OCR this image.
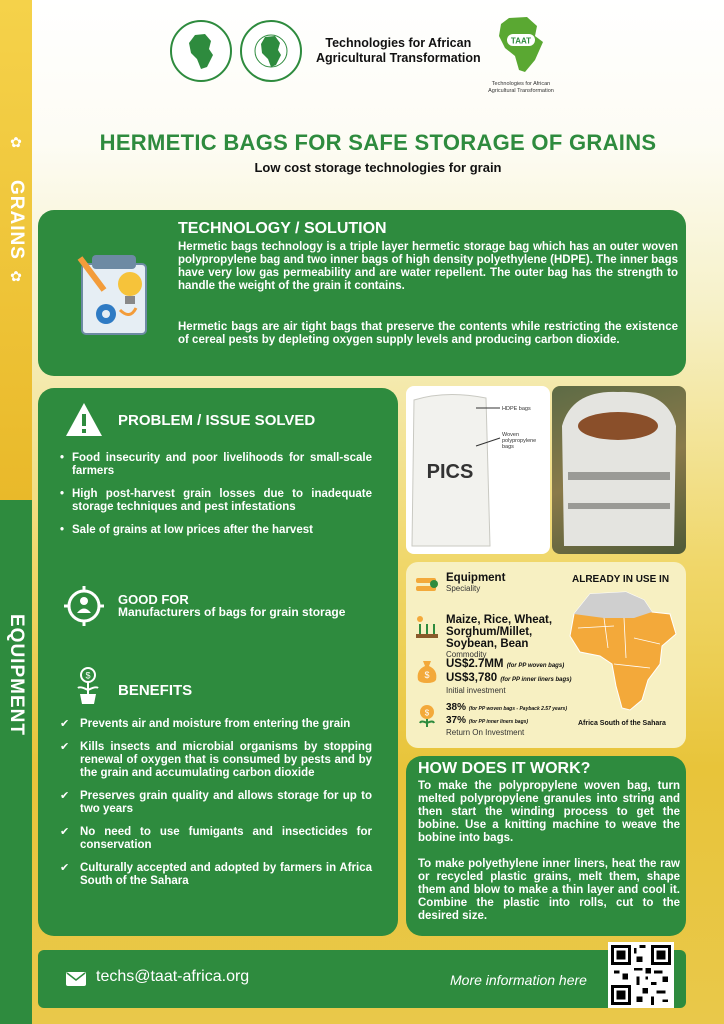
✿
GRAINS
✿
EQUIPMENT
Technologies for African
Agricultural Transformation
TAAT
Technologies for African Agricultural Transformation
HERMETIC BAGS FOR SAFE STORAGE OF GRAINS
Low cost storage technologies for grain
TECHNOLOGY / SOLUTION

Hermetic bags technology is a triple layer hermetic storage bag which has an outer woven polypropylene bag and two inner bags of high density polyethylene (HDPE). The inner bags have very low gas permeability and are water repellent. The outer bag has the strength to handle the weight of the grain it contains.

Hermetic bags are air tight bags that preserve the contents while restricting the existence of cereal pests by depleting oxygen supply levels and producing carbon dioxide.

PROBLEM / ISSUE SOLVED
• Food insecurity and poor livelihoods for small-scale farmers
• High post-harvest grain losses due to inadequate storage techniques and pest infestations
• Sale of grains at low prices after the harvest
GOOD FOR
Manufacturers of bags for grain storage
$
BENEFITS
✔ Prevents air and moisture from entering the grain
✔ Kills insects and microbial organisms by stopping renewal of oxygen that is consumed by pests and by the grain and accumulating carbon dioxide
✔ Preserves grain quality and allows storage for up to two years
✔ No need to use fumigants and insecticides for conservation
✔ Culturally accepted and adopted by farmers in Africa South of the Sahara
PICS
HDPE bags
Woven polypropylene bags
Equipment
Speciality
Maize, Rice, Wheat, Sorghum/Millet, Soybean, Bean
Commodity
$
US$2.7MM (for PP woven bags)
US$3,780 (for PP inner liners bags)
Initial investment
$ 38% (for PP woven bags - Payback 2.57 years)
37% (for PP inner liners bags)
Return On Investment
ALREADY IN USE IN
Africa South of the Sahara
HOW DOES IT WORK?

To make the polypropylene woven bag, turn melted polypropylene granules into string and then start the winding process to get the bobine. Use a knitting machine to weave the bobine into bags.

To make polyethylene inner liners, heat the raw or recycled plastic grains, melt them, shape them and blow to make a thin layer and cool it. Combine the plastic into rolls, cut to the desired size.

techs@taat-africa.org	More information here
